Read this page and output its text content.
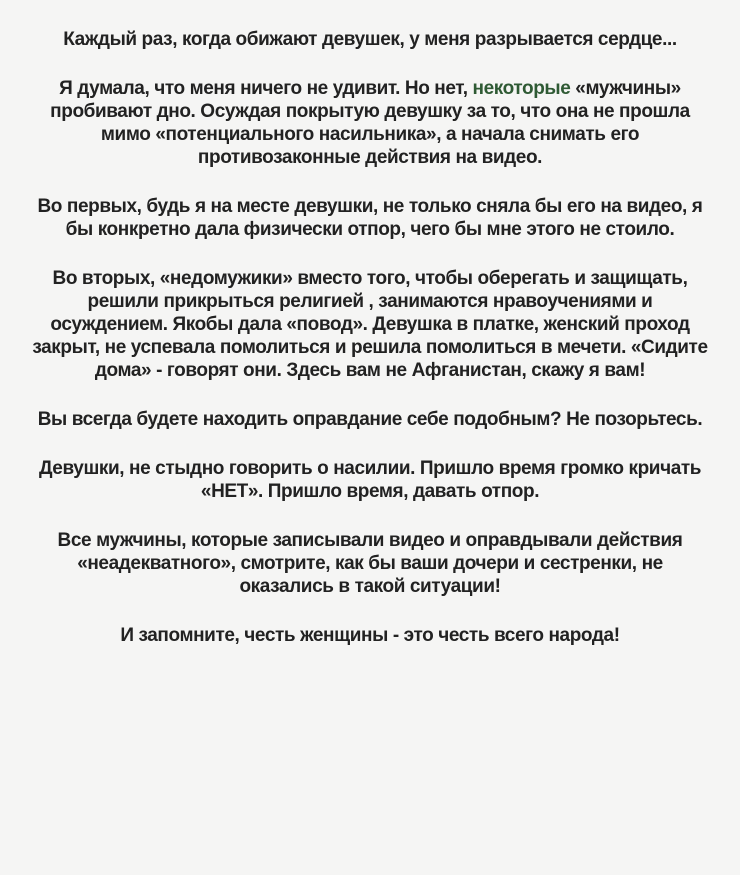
Каждый раз, когда обижают девушек, у меня разрывается сердце...

Я думала, что меня ничего не удивит. Но нет, некоторые «мужчины» пробивают дно. Осуждая покрытую девушку за то, что она не прошла мимо «потенциального насильника», а начала снимать его противозаконные действия на видео.

Во первых, будь я на месте девушки, не только сняла бы его на видео, я бы конкретно дала физически отпор, чего бы мне этого не стоило.

Во вторых, «недомужики» вместо того, чтобы оберегать и защищать, решили прикрыться религией , занимаются нравоучениями и осуждением. Якобы дала «повод». Девушка в платке, женский проход закрыт, не успевала помолиться и решила помолиться в мечети. «Сидите дома» - говорят они. Здесь вам не Афганистан, скажу я вам!

Вы всегда будете находить оправдание себе подобным? Не позорьтесь.

Девушки, не стыдно говорить о насилии. Пришло время громко кричать «НЕТ». Пришло время, давать отпор.

Все мужчины, которые записывали видео и оправдывали действия «неадекватного», смотрите, как бы ваши дочери и сестренки, не оказались в такой ситуации!

И запомните, честь женщины - это честь всего народа!
